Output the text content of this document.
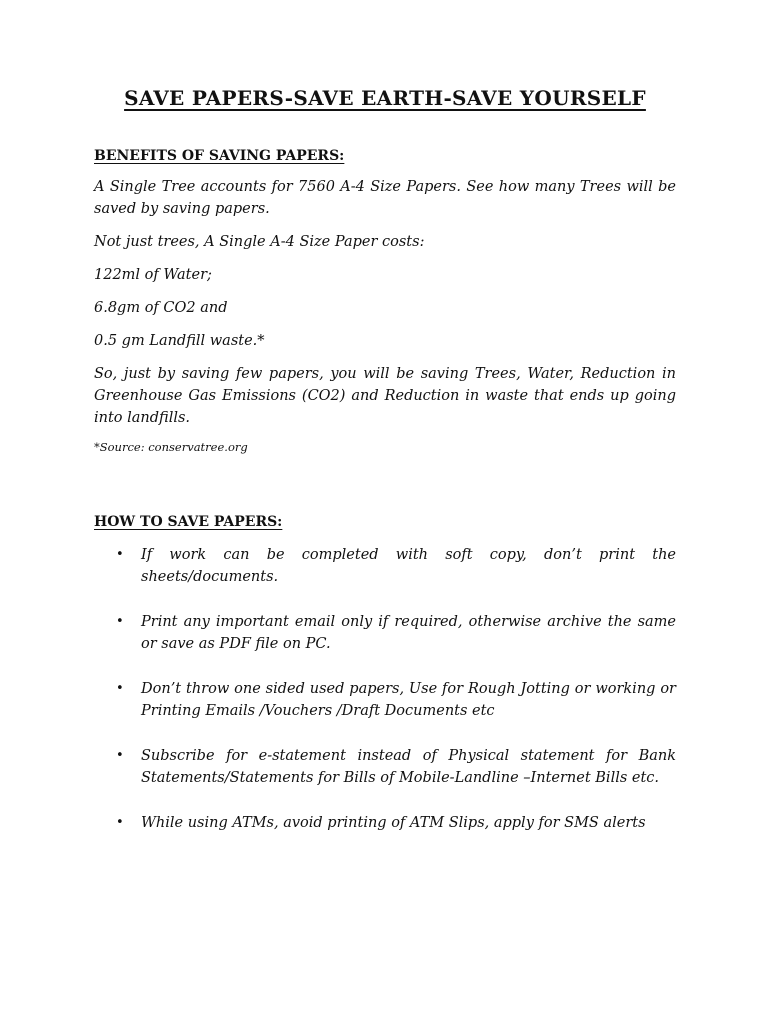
SAVE PAPERS-SAVE EARTH-SAVE YOURSELF
BENEFITS OF SAVING PAPERS:

A Single Tree accounts for 7560 A-4 Size Papers. See how many Trees will be saved by saving papers.

Not just trees, A Single A-4 Size Paper costs:

122ml of Water;

6.8gm of CO2 and

0.5 gm Landfill waste.*

So, just by saving few papers, you will be saving Trees, Water, Reduction in Greenhouse Gas Emissions (CO2) and Reduction in waste that ends up going into landfills.

*Source: conservatree.org

HOW TO SAVE PAPERS:
• If work can be completed with soft copy, don’t print the sheets/documents.
• Print any important email only if required, otherwise archive the same or save as PDF file on PC.
• Don’t throw one sided used papers, Use for Rough Jotting or working or Printing Emails /Vouchers /Draft Documents etc
• Subscribe for e-statement instead of Physical statement for Bank Statements/Statements for Bills of Mobile-Landline –Internet Bills etc.
• While using ATMs, avoid printing of ATM Slips, apply for SMS alerts
